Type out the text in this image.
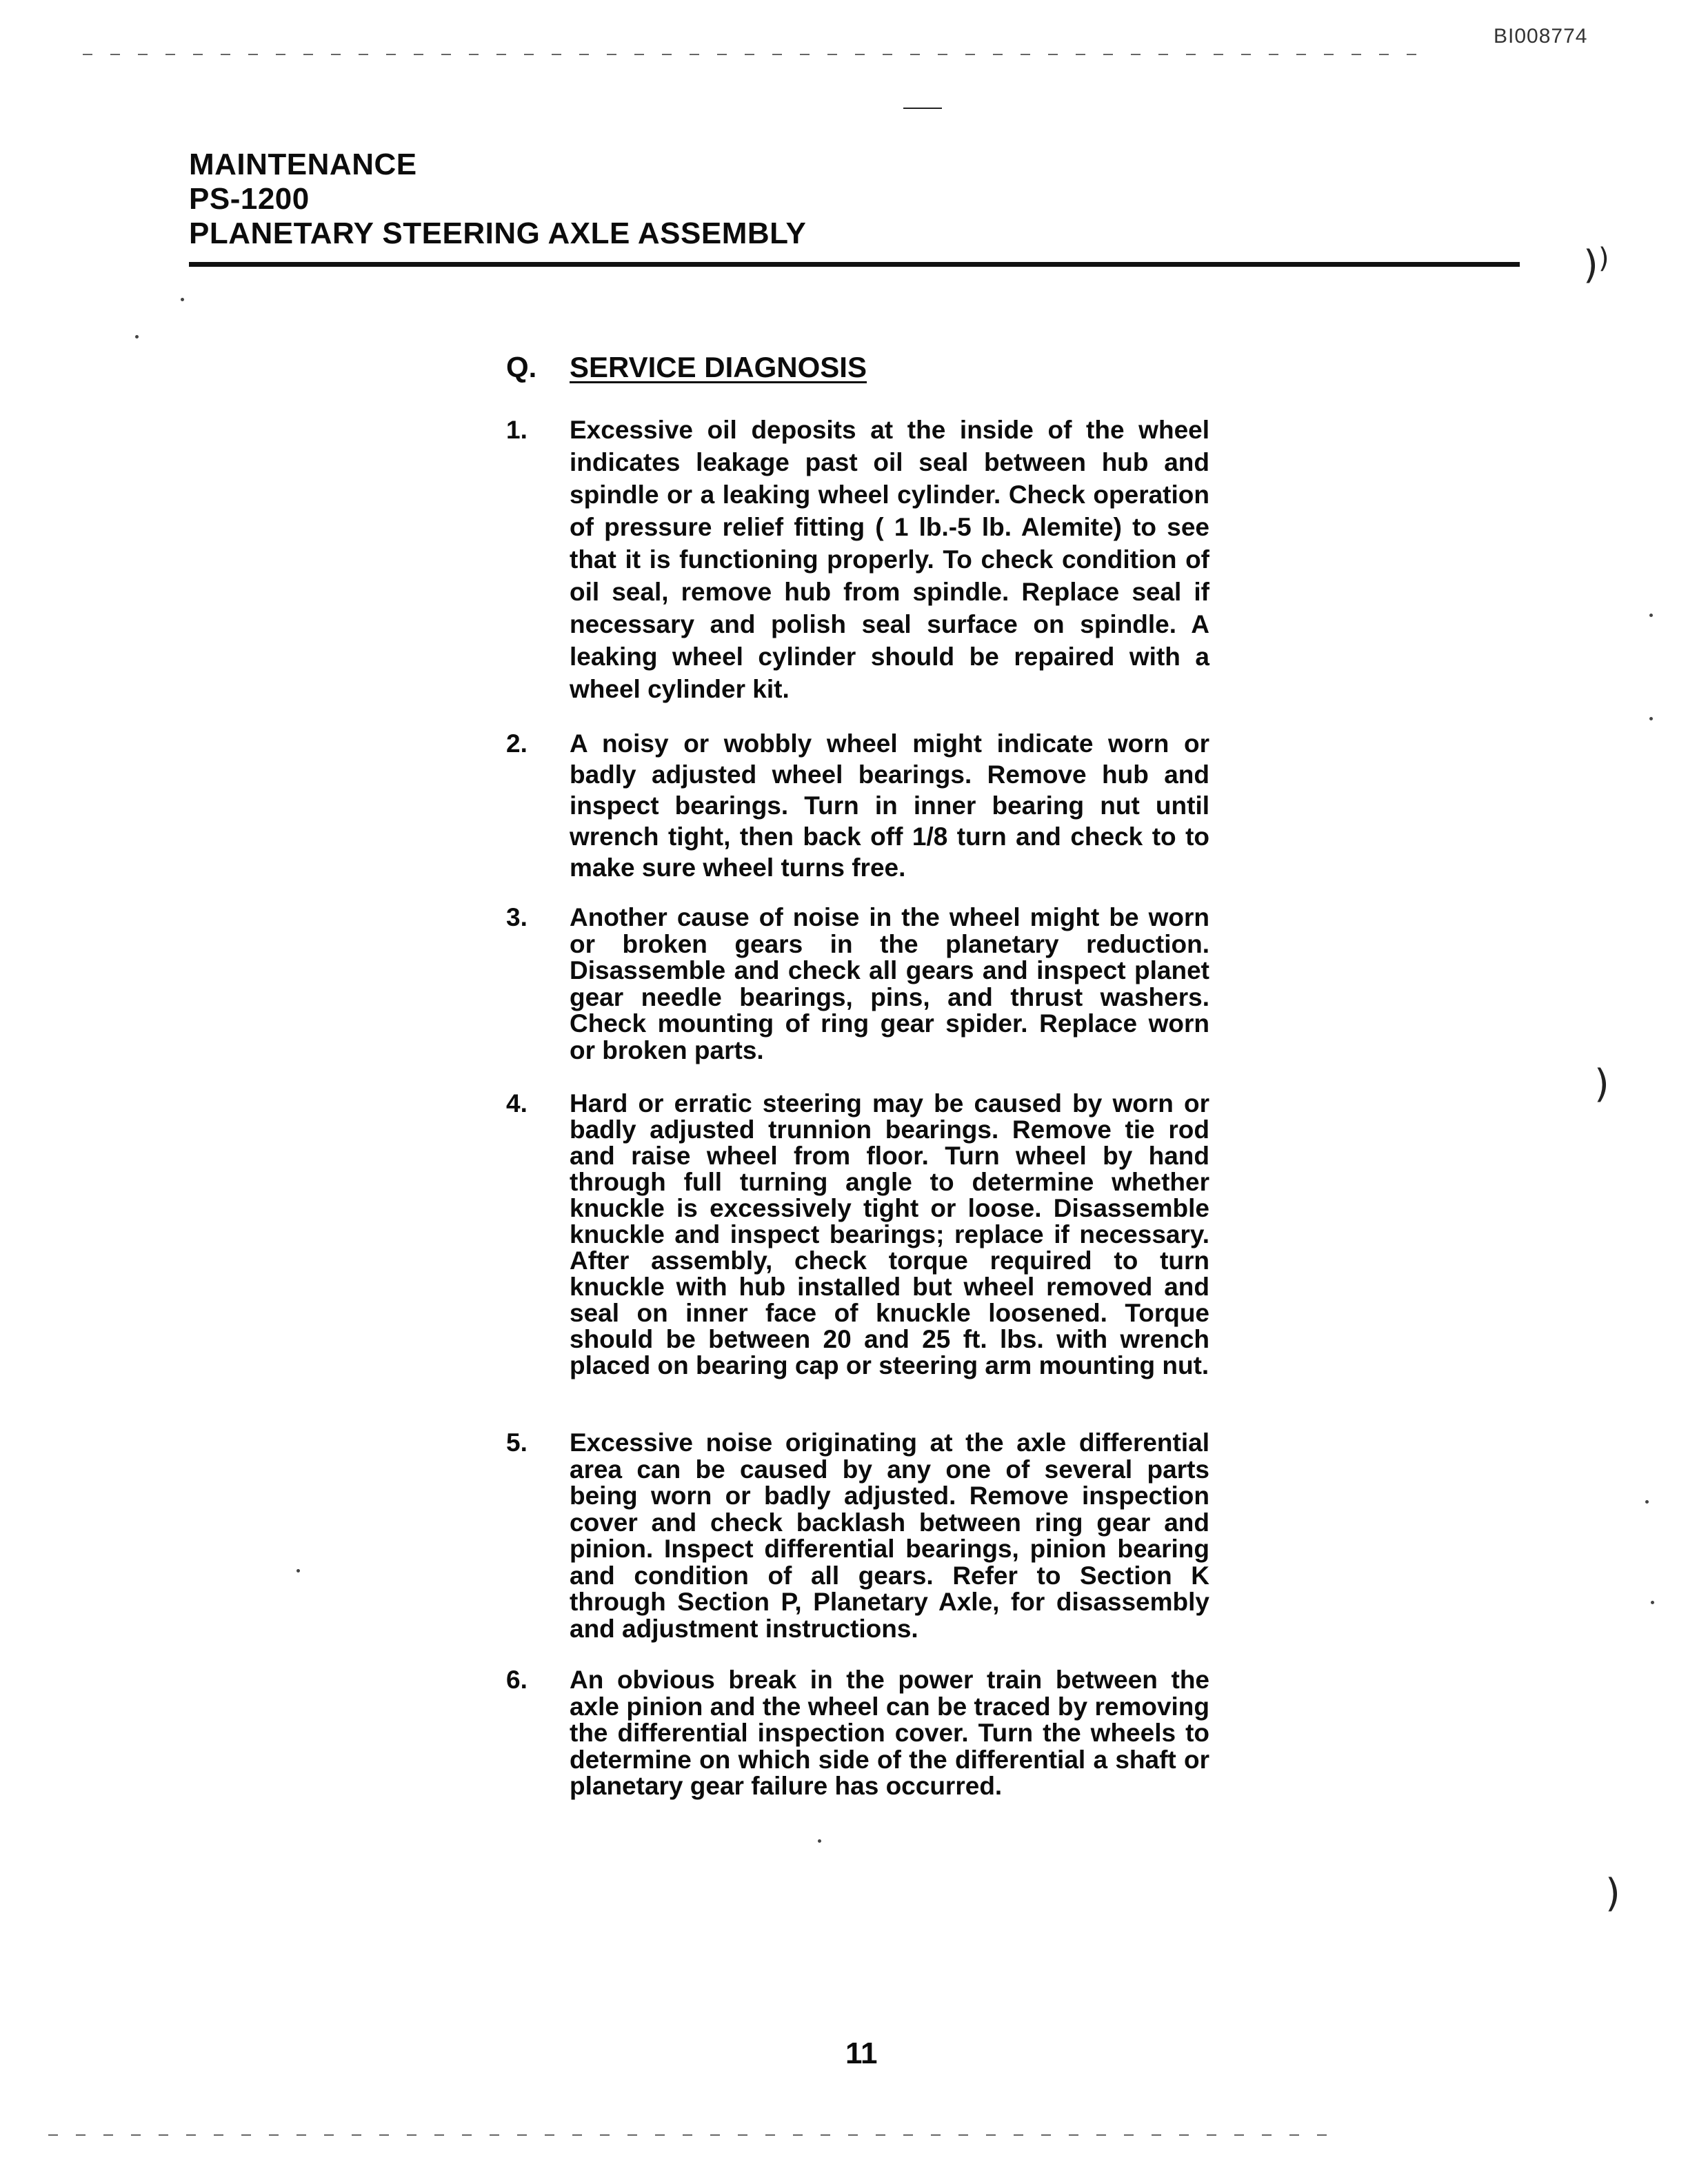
BI008774
MAINTENANCE
PS-1200
PLANETARY STEERING AXLE ASSEMBLY
Q. SERVICE DIAGNOSIS
1.	Excessive oil deposits at the inside of the wheel indicates leakage past oil seal between hub and spindle or a leaking wheel cylinder. Check operation of pressure relief fitting ( 1 lb.-5 lb. Alemite) to see that it is functioning properly. To check condition of oil seal, remove hub from spindle. Replace seal if necessary and polish seal surface on spindle. A leaking wheel cylinder should be repaired with a wheel cylinder kit.
2.	A noisy or wobbly wheel might indicate worn or badly adjusted wheel bearings. Remove hub and inspect bearings. Turn in inner bearing nut until wrench tight, then back off 1/8 turn and check to to make sure wheel turns free.
3.	Another cause of noise in the wheel might be worn or broken gears in the planetary reduction. Disassemble and check all gears and inspect planet gear needle bearings, pins, and thrust washers. Check mounting of ring gear spider. Replace worn or broken parts.
4.	Hard or erratic steering may be caused by worn or badly adjusted trunnion bearings. Remove tie rod and raise wheel from floor. Turn wheel by hand through full turning angle to determine whether knuckle is excessively tight or loose. Disassemble knuckle and inspect bearings; replace if necessary. After assembly, check torque required to turn knuckle with hub installed but wheel removed and seal on inner face of knuckle loosened. Torque should be between 20 and 25 ft. lbs. with wrench placed on bearing cap or steering arm mounting nut.
5.	Excessive noise originating at the axle differential area can be caused by any one of several parts being worn or badly adjusted. Remove inspection cover and check backlash between ring gear and pinion. Inspect differential bearings, pinion bearing and condition of all gears. Refer to Section K through Section P, Planetary Axle, for disassembly and adjustment instructions.
6.	An obvious break in the power train between the axle pinion and the wheel can be traced by removing the differential inspection cover. Turn the wheels to determine on which side of the differential a shaft or planetary gear failure has occurred.
11
) )
)
)
